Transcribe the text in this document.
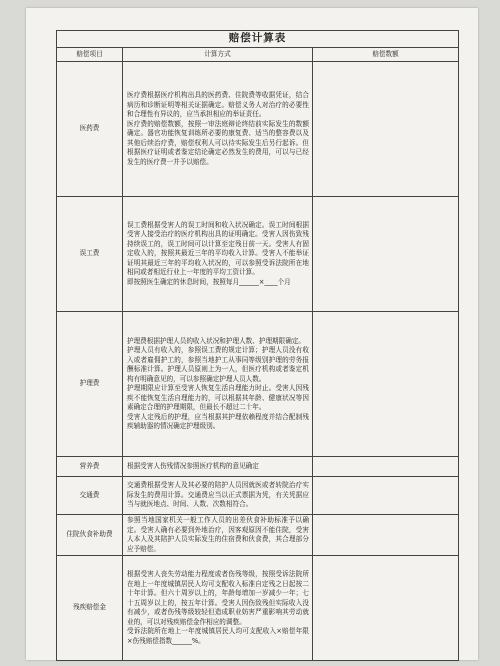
赔偿计算表		
赔偿项目	计算方式	赔偿数额
医药费	医疗费根据医疗机构出具的医药费、住院费等收据凭证，结合病历和诊断证明等相关证据确定。赔偿义务人对治疗的必要性和合理性有异议的，应当承担相应的举证责任。

医疗费的赔偿数额，按照一审法庭辩论终结前实际发生的数额确定。器官功能恢复训练所必要的康复费、适当的整容费以及其他后续治疗费，赔偿权利人可以待实际发生后另行起诉。但根据医疗证明或者鉴定结论确定必然发生的费用，可以与已经发生的医疗费一并予以赔偿。	

误工费	误工费根据受害人的误工时间和收入状况确定。误工时间根据受害人接受治疗的医疗机构出具的证明确定。受害人因伤致残持续误工的，误工时间可以计算至定残日前一天。受害人有固定收入的，按照其最近三年的平均收入计算。受害人不能举证证明其最近三年的平均收入状况的，可以参照受诉法院所在地相同或者相近行业上一年度的平均工资计算。

即按照医生确定的休息时间，按照每月______×____个月	

护理费	护理费根据护理人员的收入状况和护理人数、护理期限确定。

护理人员有收入的，参照误工费的规定计算；护理人员没有收入或者雇佣护工的，参照当地护工从事同等级别护理的劳务报酬标准计算。护理人员原则上为一人，但医疗机构或者鉴定机构有明确意见的，可以参照确定护理人员人数。

护理期限应计算至受害人恢复生活自理能力时止。受害人因残疾不能恢复生活自理能力的，可以根据其年龄、健康状况等因素确定合理的护理期限，但最长不超过二十年。

受害人定残后的护理，应当根据其护理依赖程度并结合配制残疾辅助器的情况确定护理级别。	

营养费	根据受害人伤残情况参照医疗机构的意见确定	

交通费	交通费根据受害人及其必要的陪护人员因就医或者转院治疗实际发生的费用计算。交通费应当以正式票据为凭，有关凭据应当与就医地点、时间、人数、次数相符合。	

住院伙食补助费	参照当地国家机关一般工作人员的出差伙食补助标准予以确定。受害人确有必要到外地治疗，因客观原因不能住院，受害人本人及其陪护人员实际发生的住宿费和伙食费，其合理部分应予赔偿。	

残疾赔偿金	根据受害人丧失劳动能力程度或者伤残等级，按照受诉法院所在地上一年度城镇居民人均可支配收入标准自定残之日起按二十年计算。但六十周岁以上的，年龄每增加一岁减少一年；七十五周岁以上的，按五年计算。受害人因伤致残但实际收入没有减少，或者伤残等级较轻但造成职业妨害严重影响其劳动就业的，可以对残疾赔偿金作相应的调整。

受诉法院所在地上一年度城镇居民人均可支配收入×赔偿年限×伤残赔偿指数______%。	
